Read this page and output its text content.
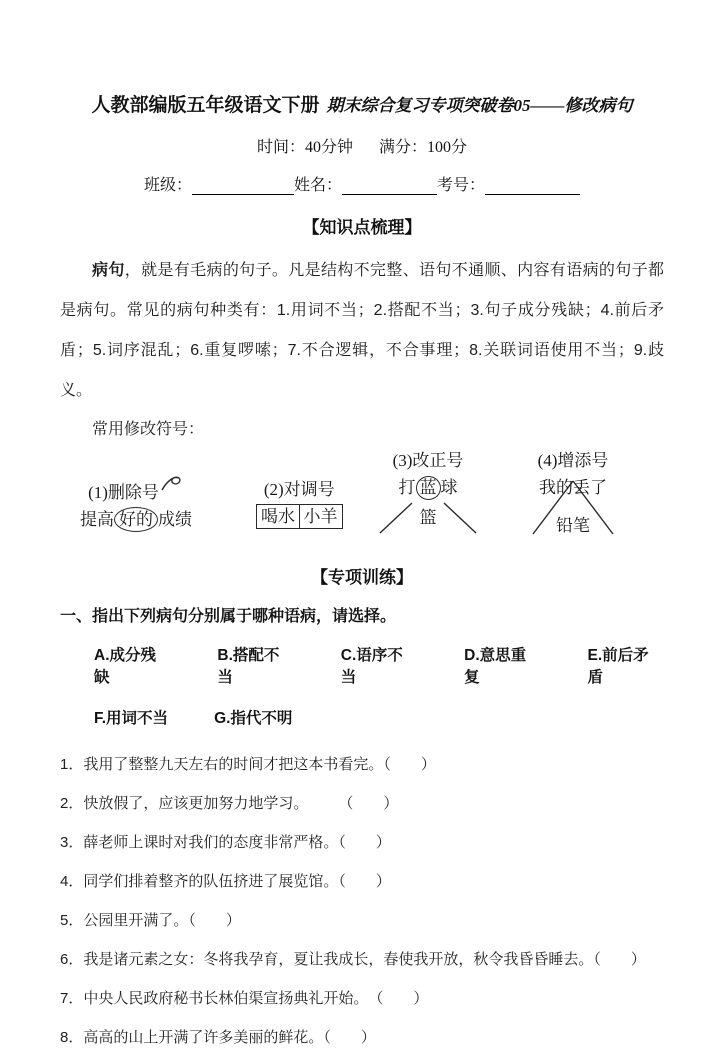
人教部编版五年级语文下册 期末综合复习专项突破卷05——修改病句
时间：40分钟 满分：100分
班级：	姓名：	考号：
【知识点梳理】

病句，就是有毛病的句子。凡是结构不完整、语句不通顺、内容有语病的句子都是病句。常见的病句种类有：1.用词不当；2.搭配不当；3.句子成分残缺；4.前后矛盾；5.词序混乱；6.重复啰嗦；7.不合逻辑，不合事理；8.关联词语使用不当；9.歧义。

常用修改符号：
(1)删除号
提高 好的 成绩
(2)对调号
喝水 小羊
(3)改正号
打 蓝 球
篮
(4)增添号
我的丢了
铅笔
【专项训练】
一、指出下列病句分别属于哪种语病，请选择。
A.成分残缺
B.搭配不当
C.语序不当
D.意思重复
E.前后矛盾
F.用词不当	G.指代不明
1．我用了整整九天左右的时间才把这本书看完。（　　）
2．快放假了，应该更加努力地学习。　　　（　　）
3．薛老师上课时对我们的态度非常严格。（　　）
4．同学们排着整齐的队伍挤进了展览馆。（　　）
5．公园里开满了。（　　）
6．我是诸元素之女：冬将我孕育，夏让我成长，春使我开放，秋令我昏昏睡去。（　　）
7．中央人民政府秘书长林伯渠宣扬典礼开始。　（　　）
8．高高的山上开满了许多美丽的鲜花。（　　）
